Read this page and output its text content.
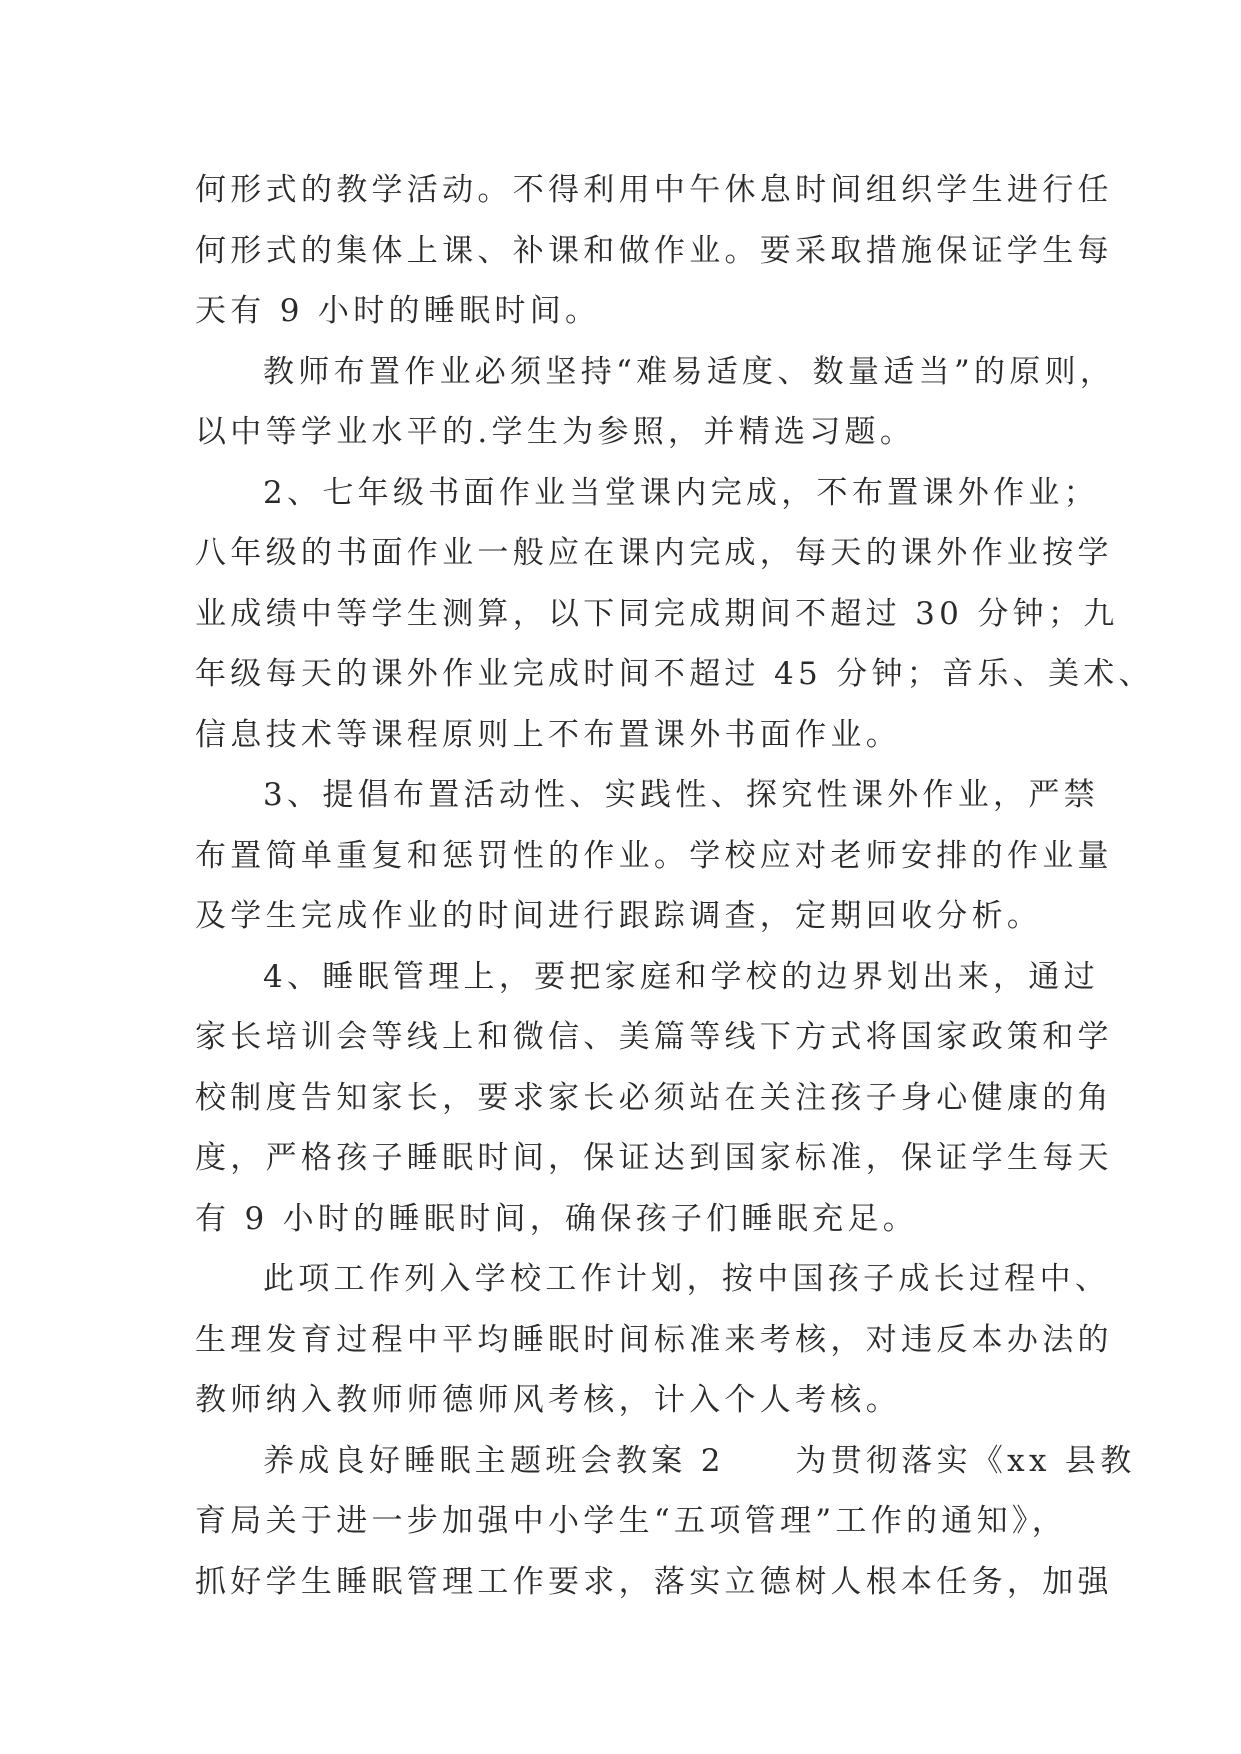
何形式的教学活动。不得利用中午休息时间组织学生进行任
何形式的集体上课、补课和做作业。要采取措施保证学生每
天有 9 小时的睡眠时间。
教师布置作业必须坚持“难易适度、数量适当”的原则，
以中等学业水平的.学生为参照，并精选习题。
2、七年级书面作业当堂课内完成，不布置课外作业；
八年级的书面作业一般应在课内完成，每天的课外作业按学
业成绩中等学生测算，以下同完成期间不超过 30 分钟；九
年级每天的课外作业完成时间不超过 45 分钟；音乐、美术、
信息技术等课程原则上不布置课外书面作业。
3、提倡布置活动性、实践性、探究性课外作业，严禁
布置简单重复和惩罚性的作业。学校应对老师安排的作业量
及学生完成作业的时间进行跟踪调查，定期回收分析。
4、睡眠管理上，要把家庭和学校的边界划出来，通过
家长培训会等线上和微信、美篇等线下方式将国家政策和学
校制度告知家长，要求家长必须站在关注孩子身心健康的角
度，严格孩子睡眠时间，保证达到国家标准，保证学生每天
有 9 小时的睡眠时间，确保孩子们睡眠充足。
此项工作列入学校工作计划，按中国孩子成长过程中、
生理发育过程中平均睡眠时间标准来考核，对违反本办法的
教师纳入教师师德师风考核，计入个人考核。
养成良好睡眠主题班会教案 2　　为贯彻落实《xx 县教
育局关于进一步加强中小学生“五项管理”工作的通知》，
抓好学生睡眠管理工作要求，落实立德树人根本任务，加强
